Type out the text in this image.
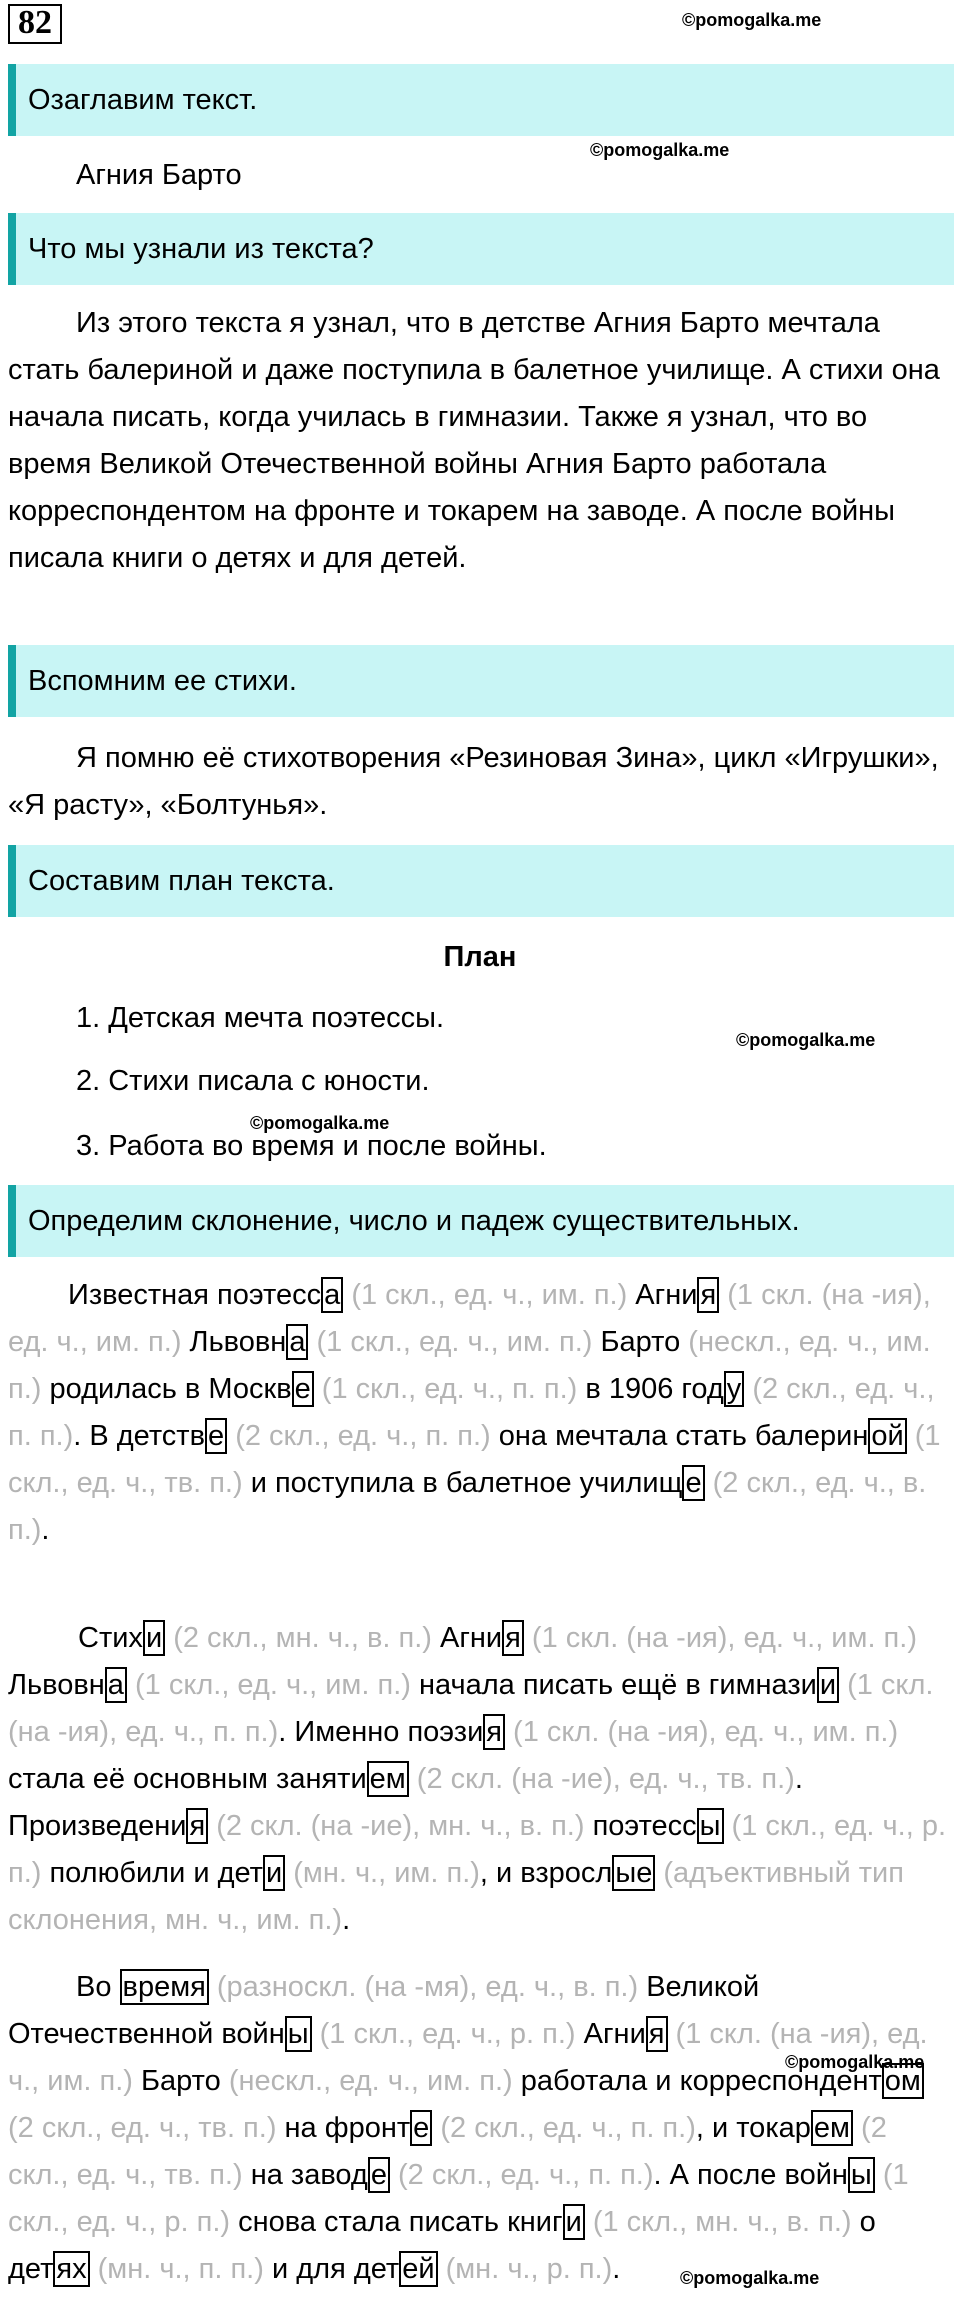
82	©pomogalka.me
Озаглавим текст.
Агния Барто
©pomogalka.me
Что мы узнали из текста?

Из этого текста я узнал, что в детстве Агния Барто мечтала стать балериной и даже поступила в балетное училище. А стихи она начала писать, когда училась в гимназии. Также я узнал, что во время Великой Отечественной войны Агния Барто работала корреспондентом на фронте и токарем на заводе. А после войны писала книги о детях и для детей.

Вспомним ее стихи.

Я помню её стихотворения «Резиновая Зина», цикл «Игрушки», «Я расту», «Болтунья».

Составим план текста.
План
1. Детская мечта поэтессы.
©pomogalka.me
2. Стихи писала с юности.
©pomogalka.me
3. Работа во время и после войны.
Определим склонение, число и падеж существительных.

Известная поэтесс а (1 скл., ед. ч., им. п.) Агни я (1 скл. (на -ия), ед. ч., им. п.) Львовн а (1 скл., ед. ч., им. п.) Барто (нескл., ед. ч., им. п.) родилась в Москв е (1 скл., ед. ч., п. п.) в 1906 год у (2 скл., ед. ч., п. п.). В детств е (2 скл., ед. ч., п. п.) она мечтала стать балерин ой (1 скл., ед. ч., тв. п.) и поступила в балетное училищ е (2 скл., ед. ч., в. п.).

Стих и (2 скл., мн. ч., в. п.) Агни я (1 скл. (на -ия), ед. ч., им. п.) Львовн а (1 скл., ед. ч., им. п.) начала писать ещё в гимнази и (1 скл. (на -ия), ед. ч., п. п.). Именно поэзи я (1 скл. (на -ия), ед. ч., им. п.) стала её основным заняти ем (2 скл. (на -ие), ед. ч., тв. п.). Произведени я (2 скл. (на -ие), мн. ч., в. п.) поэтесс ы (1 скл., ед. ч., р. п.) полюбили и дет и (мн. ч., им. п.), и взросл ые (адъективный тип склонения, мн. ч., им. п.).

Во время (разноскл. (на -мя), ед. ч., в. п.) Великой Отечественной войн ы (1 скл., ед. ч., р. п.) Агни я (1 скл. (на -ия), ед. ч., им. п.) Барто (нескл., ед. ч., им. п.) работала и корреспондент ом (2 скл., ед. ч., тв. п.) на фронт е (2 скл., ед. ч., п. п.), и токар ем (2 скл., ед. ч., тв. п.) на завод е (2 скл., ед. ч., п. п.). А после войн ы (1 скл., ед. ч., р. п.) снова стала писать книг и (1 скл., мн. ч., в. п.) о дет ях (мн. ч., п. п.) и для дет ей (мн. ч., р. п.).

©pomogalka.me
©pomogalka.me
